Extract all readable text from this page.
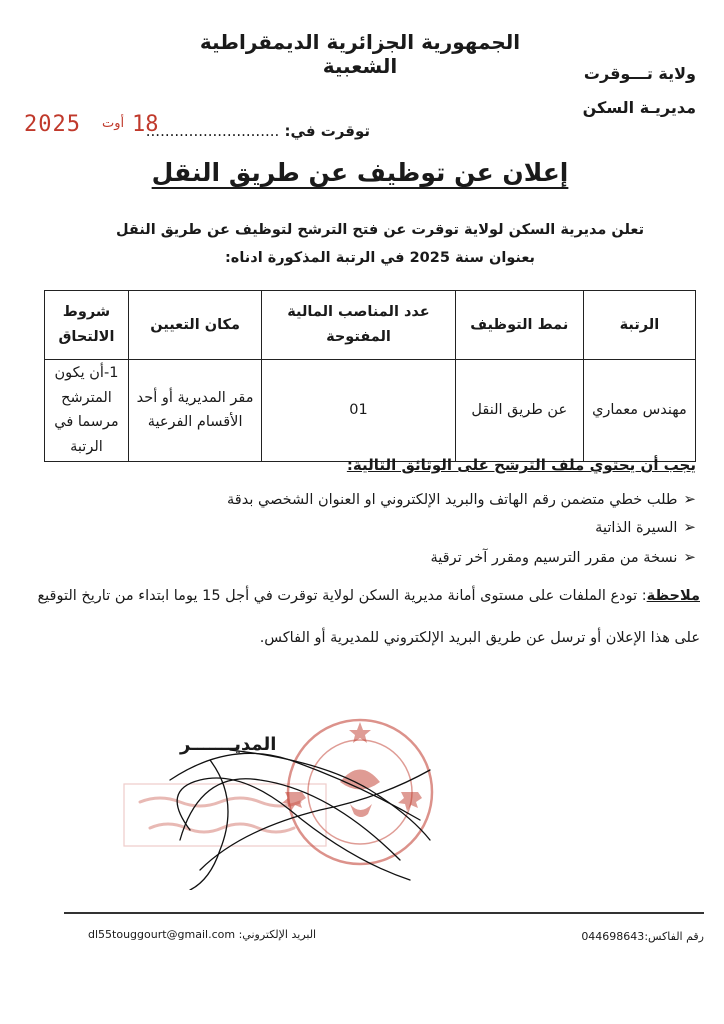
الجمهورية الجزائرية الديمقراطية الشعبية	ولاية تـــوقرت
مديريـة السكن
2025 أوت 18	توقرت في: ............................
إعلان عن توظيف عن طريق النقل
تعلن مديرية السكن لولاية توقرت عن فتح الترشح لتوظيف عن طريق النقل
بعنوان سنة 2025 في الرتبة المذكورة ادناه:
الرتبة	نمط التوظيف	عدد المناصب المالية المفتوحة	مكان التعيين	شروط الالتحاق
مهندس معماري	عن طريق النقل	01	مقر المديرية أو أحد الأقسام الفرعية	1-أن يكون المترشح مرسما في الرتبة
يجب أن يحتوي ملف الترشح على الوثائق التالية:
➢طلب خطي متضمن رقم الهاتف والبريد الإلكتروني او العنوان الشخصي بدقة
➢السيرة الذاتية
➢نسخة من مقرر الترسيم ومقرر آخر ترقية
ملاحظة: تودع الملفات على مستوى أمانة مديرية السكن لولاية توقرت في أجل 15 يوما ابتداء من تاريخ التوقيع
على هذا الإعلان أو ترسل عن طريق البريد الإلكتروني للمديرية أو الفاكس.
المديـــــــر
رقم الفاكس:044698643
البريد الإلكتروني: dl55touggourt@gmail.com
